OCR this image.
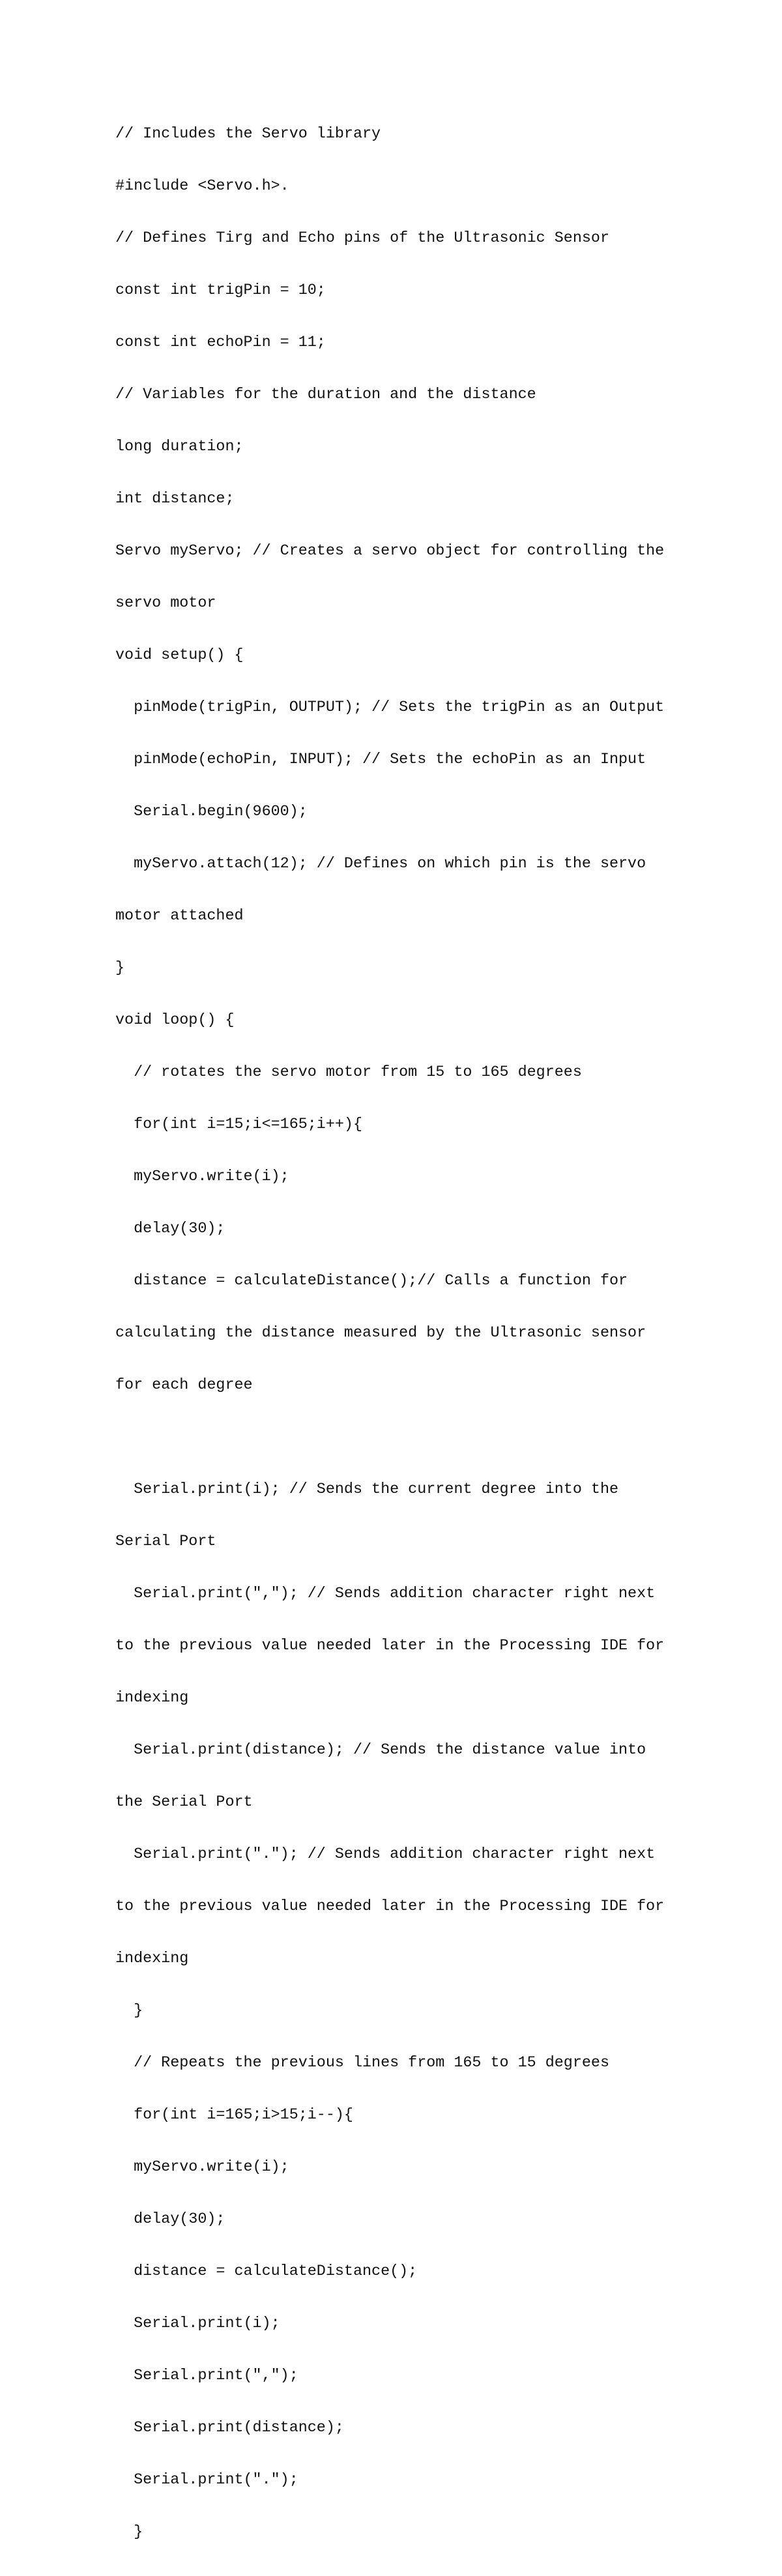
// Includes the Servo library

#include <Servo.h>.

// Defines Tirg and Echo pins of the Ultrasonic Sensor

const int trigPin = 10;

const int echoPin = 11;

// Variables for the duration and the distance

long duration;

int distance;

Servo myServo; // Creates a servo object for controlling the

servo motor

void setup() {

pinMode(trigPin, OUTPUT); // Sets the trigPin as an Output

pinMode(echoPin, INPUT); // Sets the echoPin as an Input

Serial.begin(9600);

myServo.attach(12); // Defines on which pin is the servo

motor attached

}

void loop() {

// rotates the servo motor from 15 to 165 degrees

for(int i=15;i<=165;i++){

myServo.write(i);

delay(30);

distance = calculateDistance();// Calls a function for

calculating the distance measured by the Ultrasonic sensor

for each degree

Serial.print(i); // Sends the current degree into the

Serial Port

Serial.print(","); // Sends addition character right next

to the previous value needed later in the Processing IDE for

indexing

Serial.print(distance); // Sends the distance value into

the Serial Port

Serial.print("."); // Sends addition character right next

to the previous value needed later in the Processing IDE for

indexing

}

// Repeats the previous lines from 165 to 15 degrees

for(int i=165;i>15;i--){

myServo.write(i);

delay(30);

distance = calculateDistance();

Serial.print(i);

Serial.print(",");

Serial.print(distance);

Serial.print(".");

}
